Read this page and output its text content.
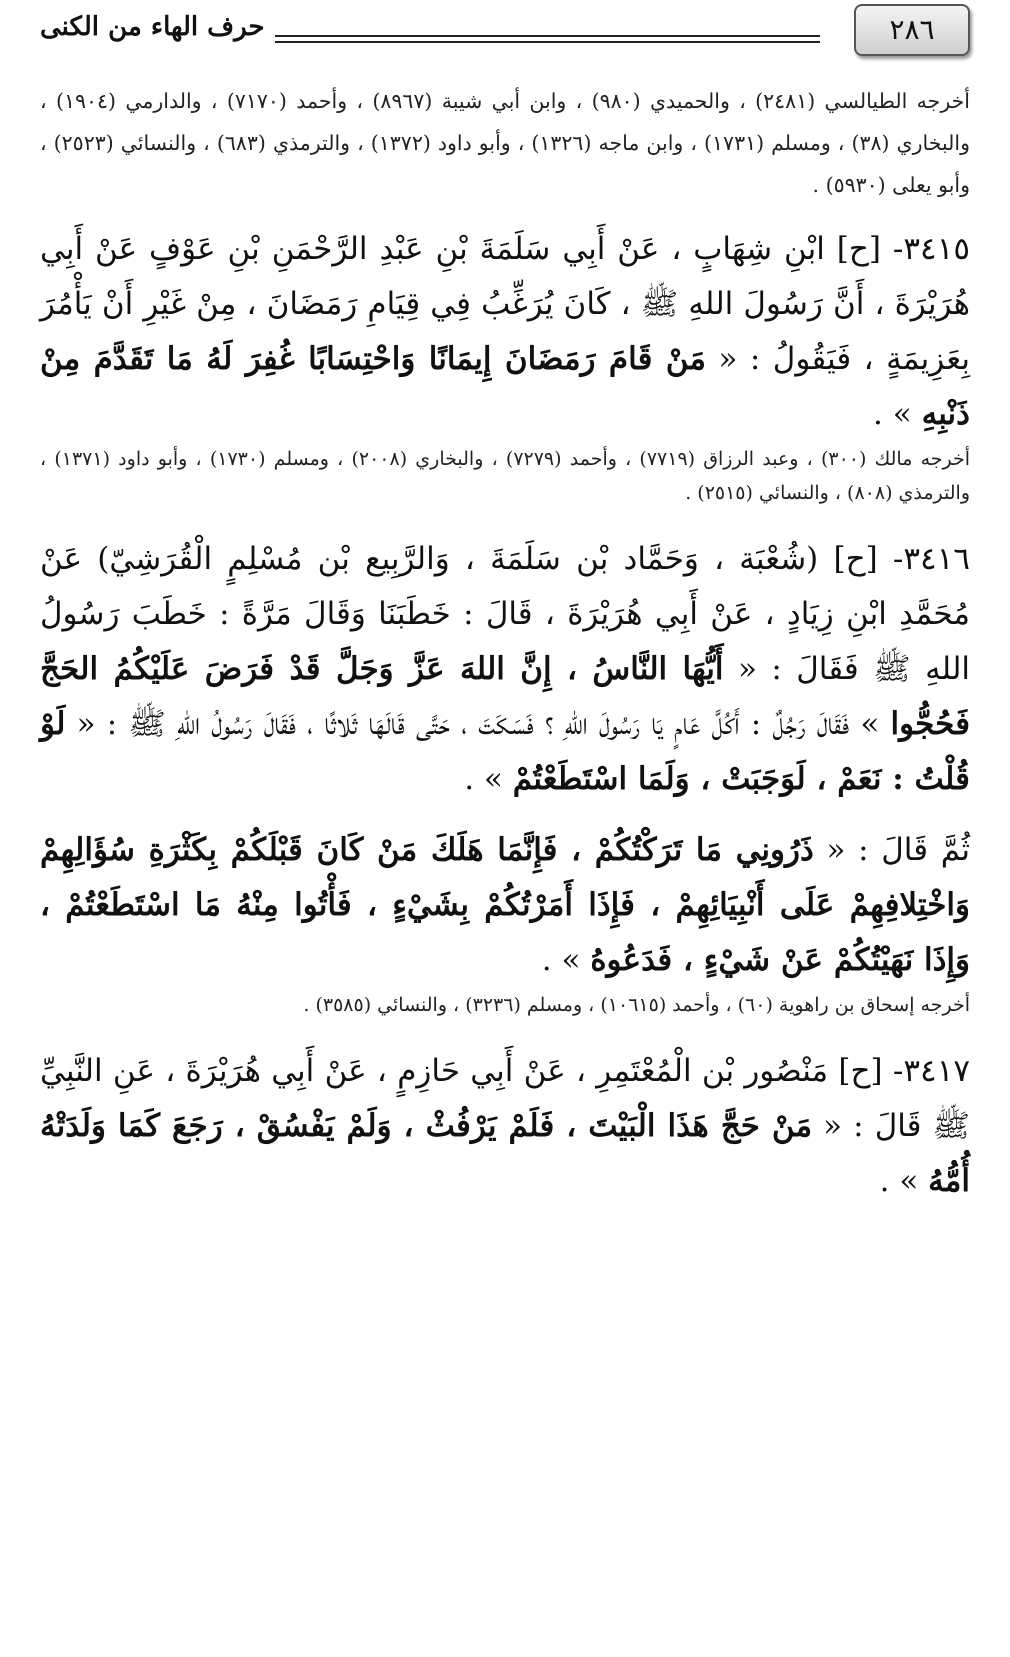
٢٨٦
حرف الهاء من الكنى

أخرجه الطيالسي (٢٤٨١) ، والحميدي (٩٨٠) ، وابن أبي شيبة (٨٩٦٧) ، وأحمد (٧١٧٠) ، والدارمي (١٩٠٤) ، والبخاري (٣٨) ، ومسلم (١٧٣١) ، وابن ماجه (١٣٢٦) ، وأبو داود (١٣٧٢) ، والترمذي (٦٨٣) ، والنسائي (٢٥٢٣) ، وأبو يعلى (٥٩٣٠) .

٣٤١٥- [ح] ابْنِ شِهَابٍ ، عَنْ أَبِي سَلَمَةَ بْنِ عَبْدِ الرَّحْمَنِ بْنِ عَوْفٍ عَنْ أَبِي هُرَيْرَةَ ، أَنَّ رَسُولَ اللهِ ﷺ ، كَانَ يُرَغِّبُ فِي قِيَامِ رَمَضَانَ ، مِنْ غَيْرِ أَنْ يَأْمُرَ بِعَزِيمَةٍ ، فَيَقُولُ : « مَنْ قَامَ رَمَضَانَ إِيمَانًا وَاحْتِسَابًا غُفِرَ لَهُ مَا تَقَدَّمَ مِنْ ذَنْبِهِ » .

أخرجه مالك (٣٠٠) ، وعبد الرزاق (٧٧١٩) ، وأحمد (٧٢٧٩) ، والبخاري (٢٠٠٨) ، ومسلم (١٧٣٠) ، وأبو داود (١٣٧١) ، والترمذي (٨٠٨) ، والنسائي (٢٥١٥) .

٣٤١٦- [ح] (شُعْبَة ، وَحَمَّاد بْن سَلَمَةَ ، وَالرَّبِيع بْن مُسْلِمٍ الْقُرَشِيّ) عَنْ مُحَمَّدِ ابْنِ زِيَادٍ ، عَنْ أَبِي هُرَيْرَةَ ، قَالَ : خَطَبَنَا وَقَالَ مَرَّةً : خَطَبَ رَسُولُ اللهِ ﷺ فَقَالَ : « أَيُّهَا النَّاسُ ، إِنَّ اللهَ عَزَّ وَجَلَّ قَدْ فَرَضَ عَلَيْكُمُ الحَجَّ فَحُجُّوا » فَقَالَ رَجُلٌ : أَكُلَّ عَامٍ يَا رَسُولَ اللهِ ؟ فَسَكَتَ ، حَتَّى قَالَهَا ثَلاثًا ، فَقَالَ رَسُولُ اللهِ ﷺ : « لَوْ قُلْتُ : نَعَمْ ، لَوَجَبَتْ ، وَلَمَا اسْتَطَعْتُمْ » .

ثُمَّ قَالَ : « ذَرُونِي مَا تَرَكْتُكُمْ ، فَإِنَّمَا هَلَكَ مَنْ كَانَ قَبْلَكُمْ بِكَثْرَةِ سُؤَالِهِمْ وَاخْتِلافِهِمْ عَلَى أَنْبِيَائِهِمْ ، فَإِذَا أَمَرْتُكُمْ بِشَيْءٍ ، فَأْتُوا مِنْهُ مَا اسْتَطَعْتُمْ ، وَإِذَا نَهَيْتُكُمْ عَنْ شَيْءٍ ، فَدَعُوهُ » .

أخرجه إسحاق بن راهوية (٦٠) ، وأحمد (١٠٦١٥) ، ومسلم (٣٢٣٦) ، والنسائي (٣٥٨٥) .

٣٤١٧- [ح] مَنْصُور بْن الْمُعْتَمِرِ ، عَنْ أَبِي حَازِمٍ ، عَنْ أَبِي هُرَيْرَةَ ، عَنِ النَّبِيِّ ﷺ قَالَ : « مَنْ حَجَّ هَذَا الْبَيْتَ ، فَلَمْ يَرْفُثْ ، وَلَمْ يَفْسُقْ ، رَجَعَ كَمَا وَلَدَتْهُ أُمُّهُ » .
